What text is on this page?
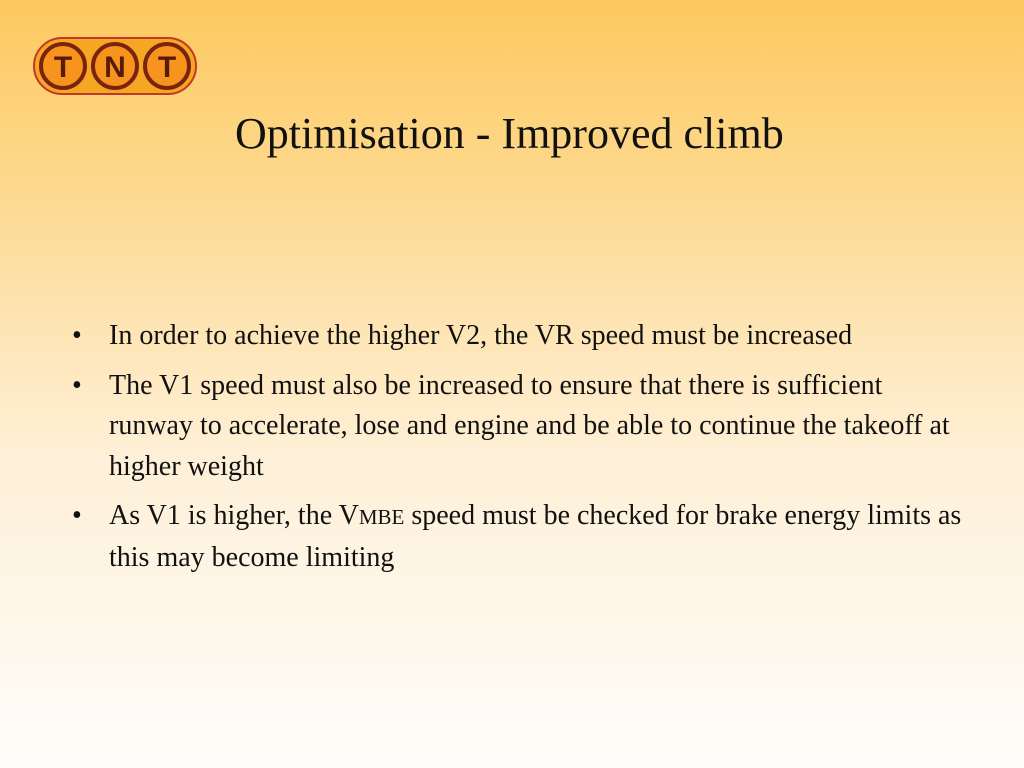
T N T
Optimisation - Improved climb
• In order to achieve the higher V2, the VR speed must be increased
• The V1 speed must also be increased to ensure that there is sufficient runway to accelerate, lose and engine and be able to continue the takeoff at higher weight
• As V1 is higher, the VMBE speed must be checked for brake energy limits as this may become limiting
